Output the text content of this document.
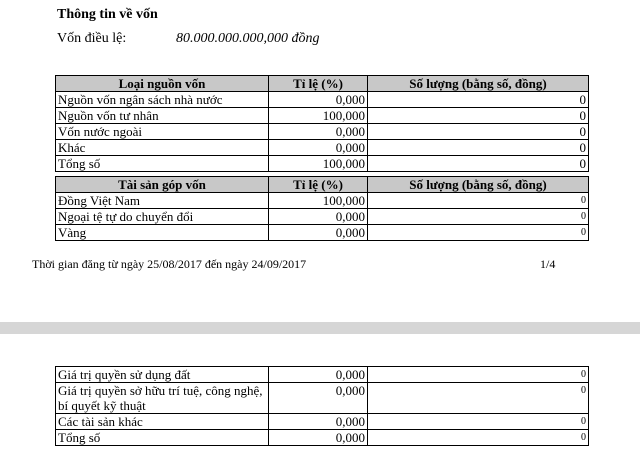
Thông tin về vốn
Vốn điều lệ:	80.000.000.000,000 đồng
Loại nguồn vốn	Tỉ lệ (%)	Số lượng (bằng số, đồng)
Nguồn vốn ngân sách nhà nước	0,000	0
Nguồn vốn tư nhân	100,000	0
Vốn nước ngoài	0,000	0
Khác	0,000	0
Tổng số	100,000	0
Tài sản góp vốn	Tỉ lệ (%)	Số lượng (bằng số, đồng)
Đồng Việt Nam	100,000	0
Ngoại tệ tự do chuyển đổi	0,000	0
Vàng	0,000	0
Thời gian đăng từ ngày 25/08/2017 đến ngày 24/09/2017	1/4
Giá trị quyền sử dụng đất	0,000	0
Giá trị quyền sở hữu trí tuệ, công nghệ, bí quyết kỹ thuật	0,000	0
Các tài sản khác	0,000	0
Tổng số	0,000	0
